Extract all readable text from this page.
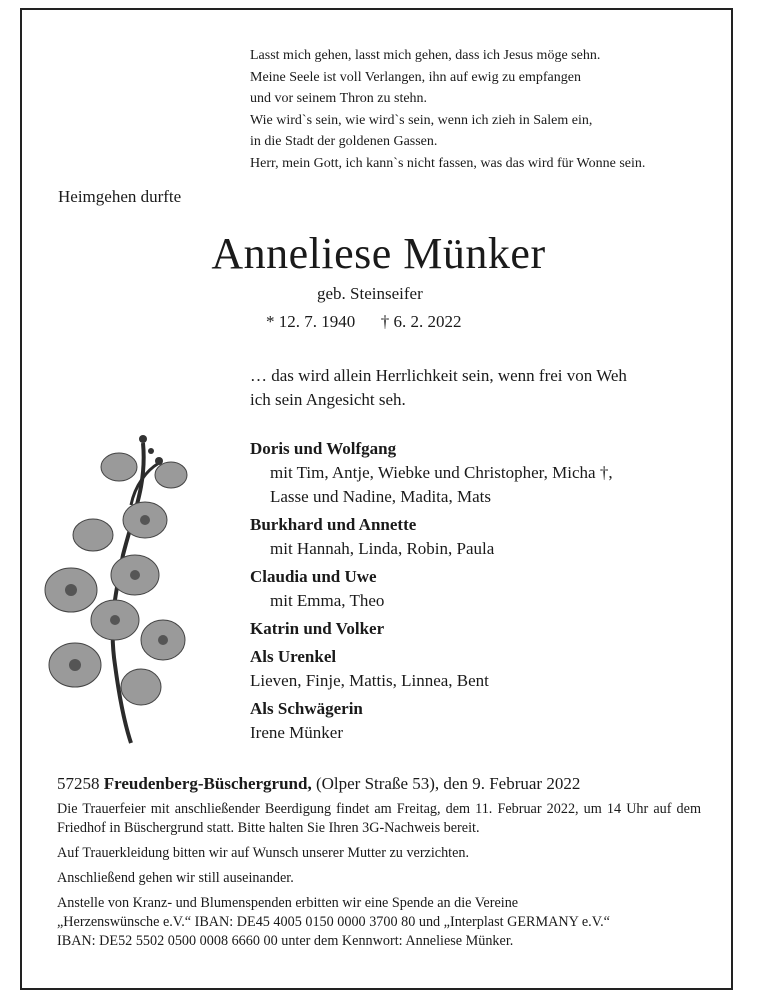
Lasst mich gehen, lasst mich gehen, dass ich Jesus möge sehn.
Meine Seele ist voll Verlangen, ihn auf ewig zu empfangen
und vor seinem Thron zu stehn.
Wie wird`s sein, wie wird`s sein, wenn ich zieh in Salem ein,
in die Stadt der goldenen Gassen.
Herr, mein Gott, ich kann`s nicht fassen, was das wird für Wonne sein.
Heimgehen durfte
Anneliese Münker
geb. Steinseifer
* 12. 7. 1940 † 6. 2. 2022
… das wird allein Herrlichkeit sein, wenn frei von Weh
ich sein Angesicht seh.
Doris und Wolfgang
mit Tim, Antje, Wiebke und Christopher, Micha †,
Lasse und Nadine, Madita, Mats
Burkhard und Annette
mit Hannah, Linda, Robin, Paula
Claudia und Uwe
mit Emma, Theo
Katrin und Volker
Als Urenkel
Lieven, Finje, Mattis, Linnea, Bent
Als Schwägerin
Irene Münker
57258 Freudenberg-Büschergrund, (Olper Straße 53), den 9. Februar 2022
Die Trauerfeier mit anschließender Beerdigung findet am Freitag, dem 11. Februar 2022, um 14 Uhr auf dem Friedhof in Büschergrund statt. Bitte halten Sie Ihren 3G-Nachweis bereit.
Auf Trauerkleidung bitten wir auf Wunsch unserer Mutter zu verzichten.
Anschließend gehen wir still auseinander.
Anstelle von Kranz- und Blumenspenden erbitten wir eine Spende an die Vereine
„Herzenswünsche e.V.“ IBAN: DE45 4005 0150 0000 3700 80 und „Interplast GERMANY e.V.“
IBAN: DE52 5502 0500 0008 6660 00 unter dem Kennwort: Anneliese Münker.
